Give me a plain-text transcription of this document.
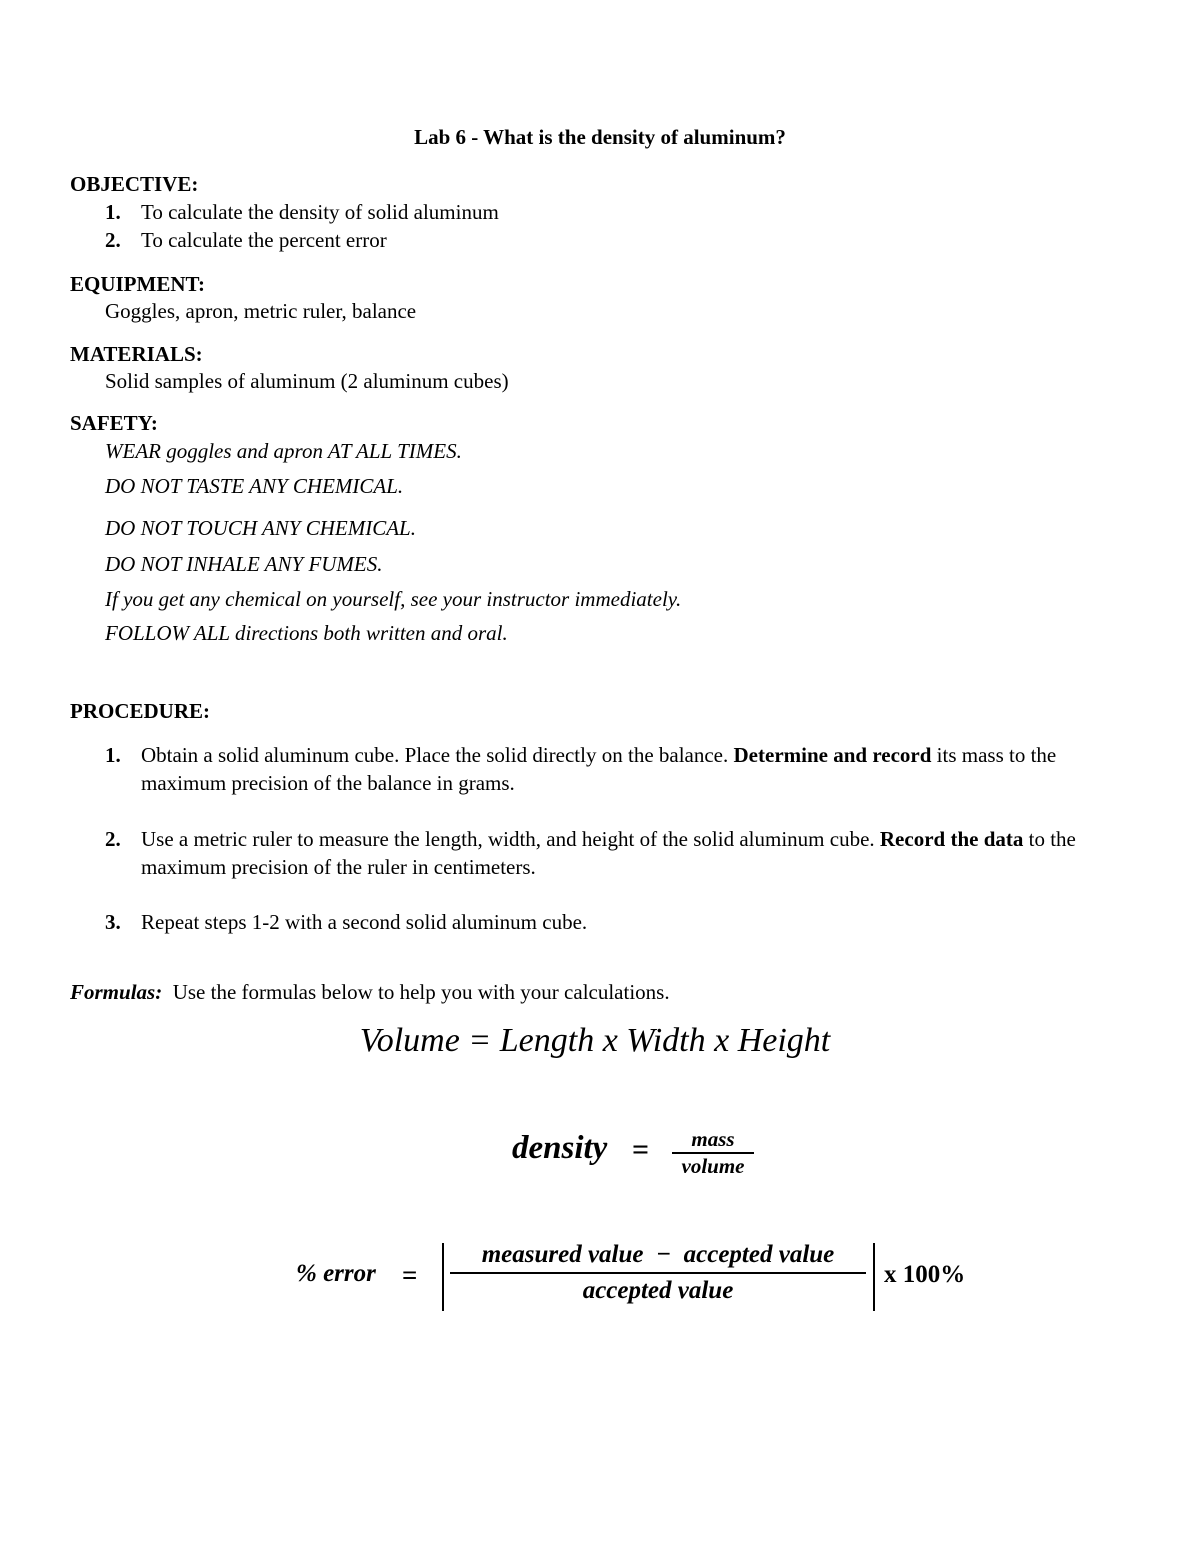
Lab 6 - What is the density of aluminum?
OBJECTIVE:
1. To calculate the density of solid aluminum
2. To calculate the percent error
EQUIPMENT:
Goggles, apron, metric ruler, balance
MATERIALS:
Solid samples of aluminum (2 aluminum cubes)
SAFETY:
WEAR goggles and apron AT ALL TIMES.
DO NOT TASTE ANY CHEMICAL.
DO NOT TOUCH ANY CHEMICAL.
DO NOT INHALE ANY FUMES.
If you get any chemical on yourself, see your instructor immediately.
FOLLOW ALL directions both written and oral.
PROCEDURE:
1. Obtain a solid aluminum cube. Place the solid directly on the balance. Determine and record its mass to the maximum precision of the balance in grams.
2. Use a metric ruler to measure the length, width, and height of the solid aluminum cube. Record the data to the maximum precision of the ruler in centimeters.
3. Repeat steps 1-2 with a second solid aluminum cube.
Formulas: Use the formulas below to help you with your calculations.
Volume = Length x Width x Height
density = mass
volume
% error =
measured value  −  accepted value
accepted value
x 100%
